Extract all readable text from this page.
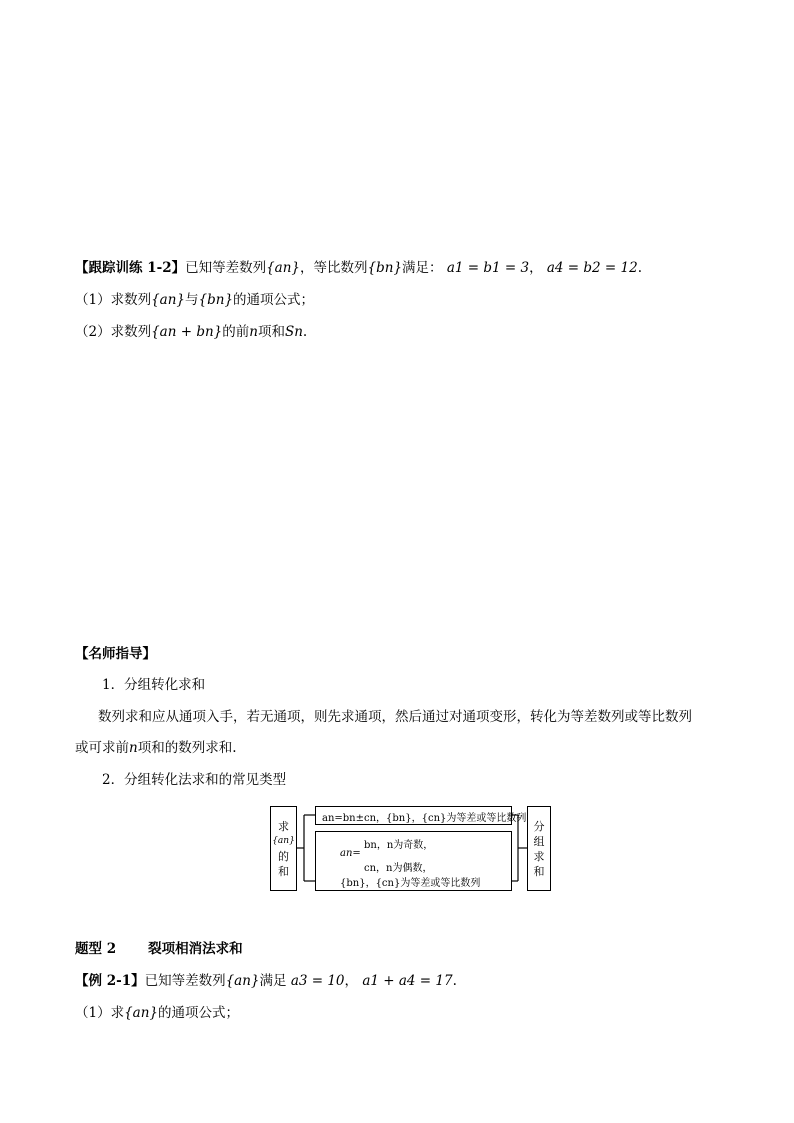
【跟踪训练 1-2】已知等差数列{an}，等比数列{bn}满足： a1 = b1 = 3， a4 = b2 = 12.
（1）求数列{an}与{bn}的通项公式；
（2）求数列{an + bn}的前n项和Sn.
【名师指导】
1．分组转化求和
数列求和应从通项入手，若无通项，则先求通项，然后通过对通项变形，转化为等差数列或等比数列
或可求前n项和的数列求和.
2．分组转化法求和的常见类型
求
{an}
的
和
an=bn±cn，{bn}，{cn}为等差或等比数列
an=
bn，n为奇数，
cn，n为偶数，
{bn}，{cn}为等差或等比数列
分
组
求
和
题型 2 裂项相消法求和
【例 2-1】已知等差数列{an}满足 a3 = 10， a1 + a4 = 17.
（1）求{an}的通项公式；
